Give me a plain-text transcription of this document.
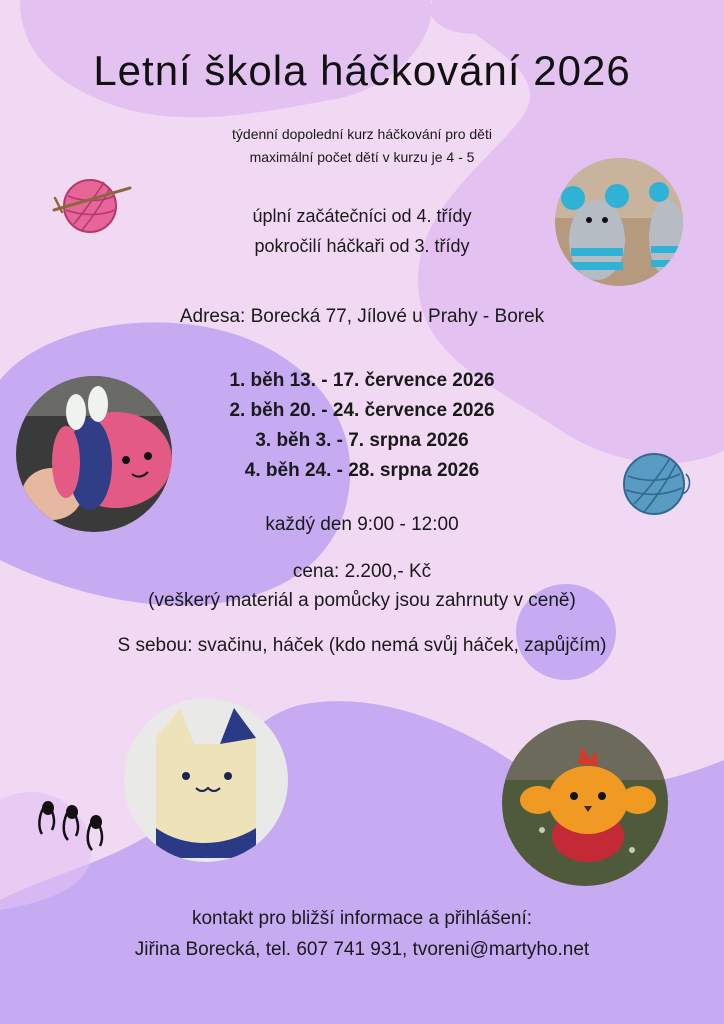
Letní škola háčkování 2026
týdenní dopolední kurz háčkování pro děti
maximální počet dětí v kurzu je 4 - 5
úplní začátečníci od 4. třídy
pokročilí háčkaři od 3. třídy
Adresa: Borecká 77, Jílové u Prahy - Borek
1. běh 13. - 17. července 2026
2. běh 20. - 24. července 2026
3. běh 3. - 7. srpna 2026
4. běh 24. - 28. srpna 2026
každý den 9:00 - 12:00
cena: 2.200,- Kč
(veškerý materiál a pomůcky jsou zahrnuty v ceně)
S sebou: svačinu, háček (kdo nemá svůj háček, zapůjčím)
kontakt pro bližší informace a přihlášení:
Jiřina Borecká, tel. 607 741 931, tvoreni@martyho.net
